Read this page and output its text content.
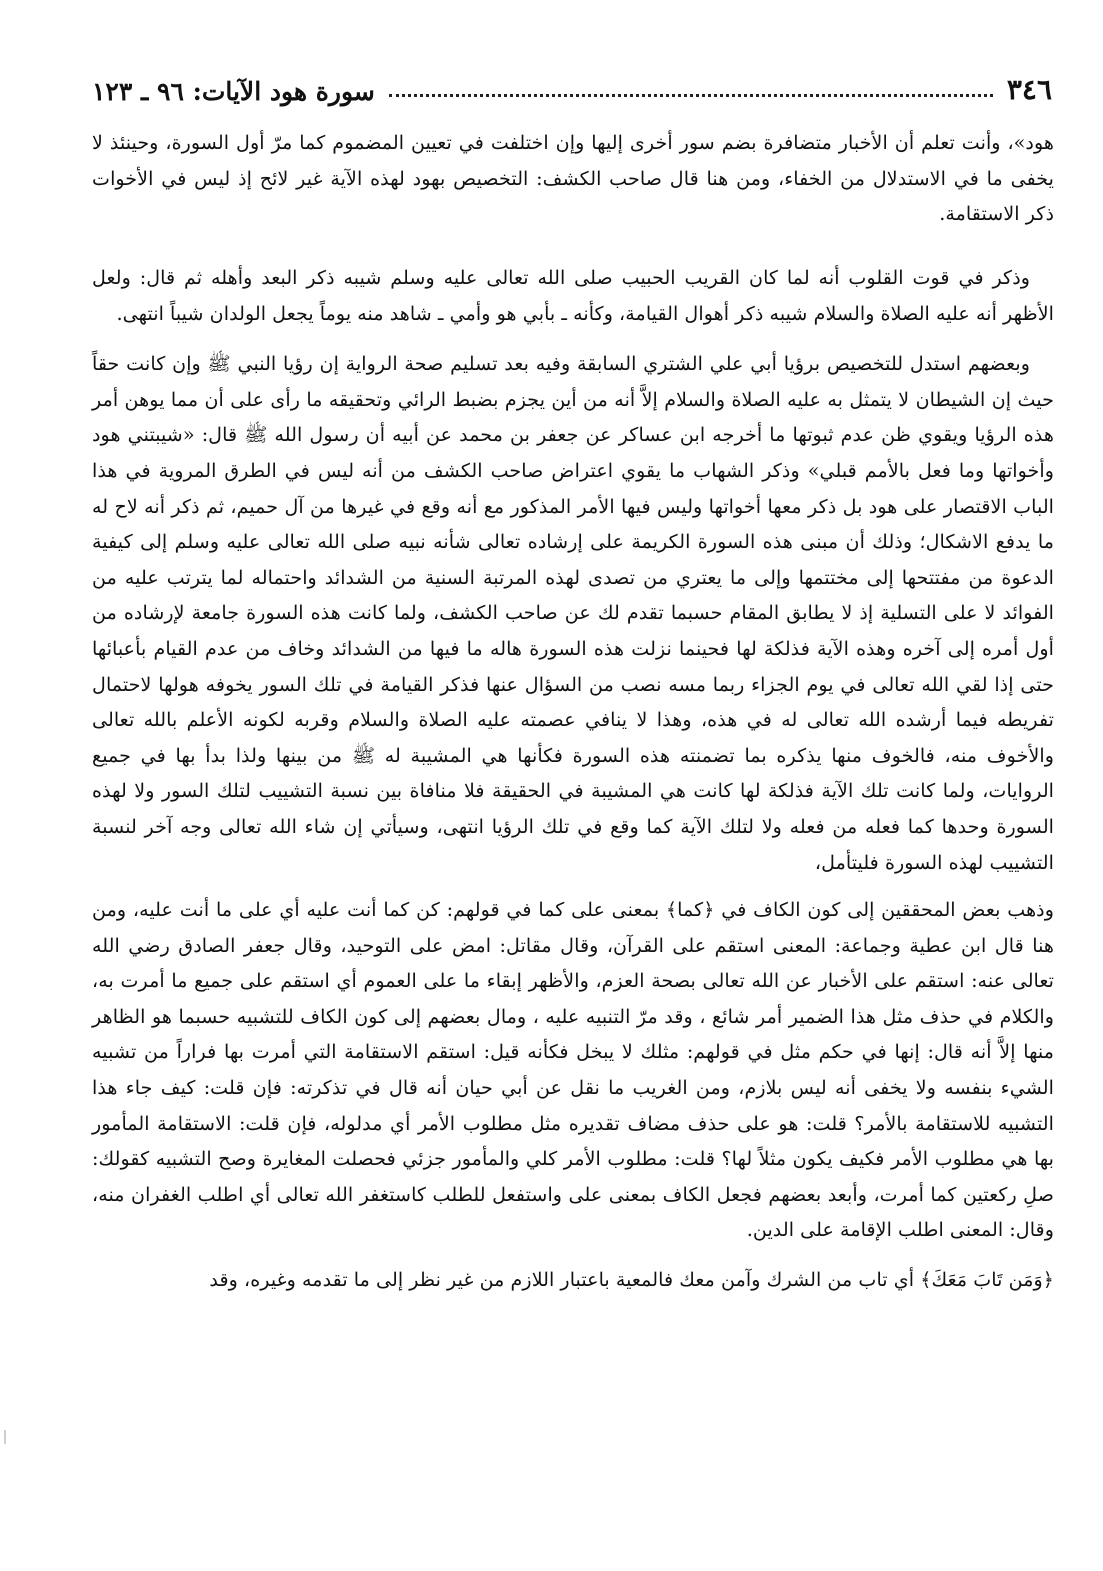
٣٤٦
سورة هود الآيات: ٩٦ ـ ١٢٣

هود»، وأنت تعلم أن الأخبار متضافرة بضم سور أخرى إليها وإن اختلفت في تعيين المضموم كما مرّ أول السورة، وحينئذ لا يخفى ما في الاستدلال من الخفاء، ومن هنا قال صاحب الكشف: التخصيص بهود لهذه الآية غير لائح إذ ليس في الأخوات ذكر الاستقامة.

وذكر في قوت القلوب أنه لما كان القريب الحبيب صلى الله تعالى عليه وسلم شيبه ذكر البعد وأهله ثم قال: ولعل الأظهر أنه عليه الصلاة والسلام شيبه ذكر أهوال القيامة، وكأنه ـ بأبي هو وأمي ـ شاهد منه يوماً يجعل الولدان شيباً انتهى.

وبعضهم استدل للتخصيص برؤيا أبي علي الشتري السابقة وفيه بعد تسليم صحة الرواية إن رؤيا النبي ﷺ وإن كانت حقاً حيث إن الشيطان لا يتمثل به عليه الصلاة والسلام إلاَّ أنه من أين يجزم بضبط الرائي وتحقيقه ما رأى على أن مما يوهن أمر هذه الرؤيا ويقوي ظن عدم ثبوتها ما أخرجه ابن عساكر عن جعفر بن محمد عن أبيه أن رسول الله ﷺ قال: «شيبتني هود وأخواتها وما فعل بالأمم قبلي» وذكر الشهاب ما يقوي اعتراض صاحب الكشف من أنه ليس في الطرق المروية في هذا الباب الاقتصار على هود بل ذكر معها أخواتها وليس فيها الأمر المذكور مع أنه وقع في غيرها من آل حميم، ثم ذكر أنه لاح له ما يدفع الاشكال؛ وذلك أن مبنى هذه السورة الكريمة على إرشاده تعالى شأنه نبيه صلى الله تعالى عليه وسلم إلى كيفية الدعوة من مفتتحها إلى مختتمها وإلى ما يعتري من تصدى لهذه المرتبة السنية من الشدائد واحتماله لما يترتب عليه من الفوائد لا على التسلية إذ لا يطابق المقام حسبما تقدم لك عن صاحب الكشف، ولما كانت هذه السورة جامعة لإرشاده من أول أمره إلى آخره وهذه الآية فذلكة لها فحينما نزلت هذه السورة هاله ما فيها من الشدائد وخاف من عدم القيام بأعبائها حتى إذا لقي الله تعالى في يوم الجزاء ربما مسه نصب من السؤال عنها فذكر القيامة في تلك السور يخوفه هولها لاحتمال تفريطه فيما أرشده الله تعالى له في هذه، وهذا لا ينافي عصمته عليه الصلاة والسلام وقربه لكونه الأعلم بالله تعالى والأخوف منه، فالخوف منها يذكره بما تضمنته هذه السورة فكأنها هي المشيبة له ﷺ من بينها ولذا بدأ بها في جميع الروايات، ولما كانت تلك الآية فذلكة لها كانت هي المشيبة في الحقيقة فلا منافاة بين نسبة التشييب لتلك السور ولا لهذه السورة وحدها كما فعله من فعله ولا لتلك الآية كما وقع في تلك الرؤيا انتهى، وسيأتي إن شاء الله تعالى وجه آخر لنسبة التشييب لهذه السورة فليتأمل،

وذهب بعض المحققين إلى كون الكاف في ﴿كما﴾ بمعنى على كما في قولهم: كن كما أنت عليه أي على ما أنت عليه، ومن هنا قال ابن عطية وجماعة: المعنى استقم على القرآن، وقال مقاتل: امض على التوحيد، وقال جعفر الصادق رضي الله تعالى عنه: استقم على الأخبار عن الله تعالى بصحة العزم، والأظهر إبقاء ما على العموم أي استقم على جميع ما أمرت به، والكلام في حذف مثل هذا الضمير أمر شائع ، وقد مرّ التنبيه عليه ، ومال بعضهم إلى كون الكاف للتشبيه حسبما هو الظاهر منها إلاَّ أنه قال: إنها في حكم مثل في قولهم: مثلك لا يبخل فكأنه قيل: استقم الاستقامة التي أمرت بها فراراً من تشبيه الشيء بنفسه ولا يخفى أنه ليس بلازم، ومن الغريب ما نقل عن أبي حيان أنه قال في تذكرته: فإن قلت: كيف جاء هذا التشبيه للاستقامة بالأمر؟ قلت: هو على حذف مضاف تقديره مثل مطلوب الأمر أي مدلوله، فإن قلت: الاستقامة المأمور بها هي مطلوب الأمر فكيف يكون مثلاً لها؟ قلت: مطلوب الأمر كلي والمأمور جزئي فحصلت المغايرة وصح التشبيه كقولك: صلِ ركعتين كما أمرت، وأبعد بعضهم فجعل الكاف بمعنى على واستفعل للطلب كاستغفر الله تعالى أي اطلب الغفران منه، وقال: المعنى اطلب الإقامة على الدين.

﴿وَمَن تَابَ مَعَكَ﴾ أي تاب من الشرك وآمن معك فالمعية باعتبار اللازم من غير نظر إلى ما تقدمه وغيره، وقد
